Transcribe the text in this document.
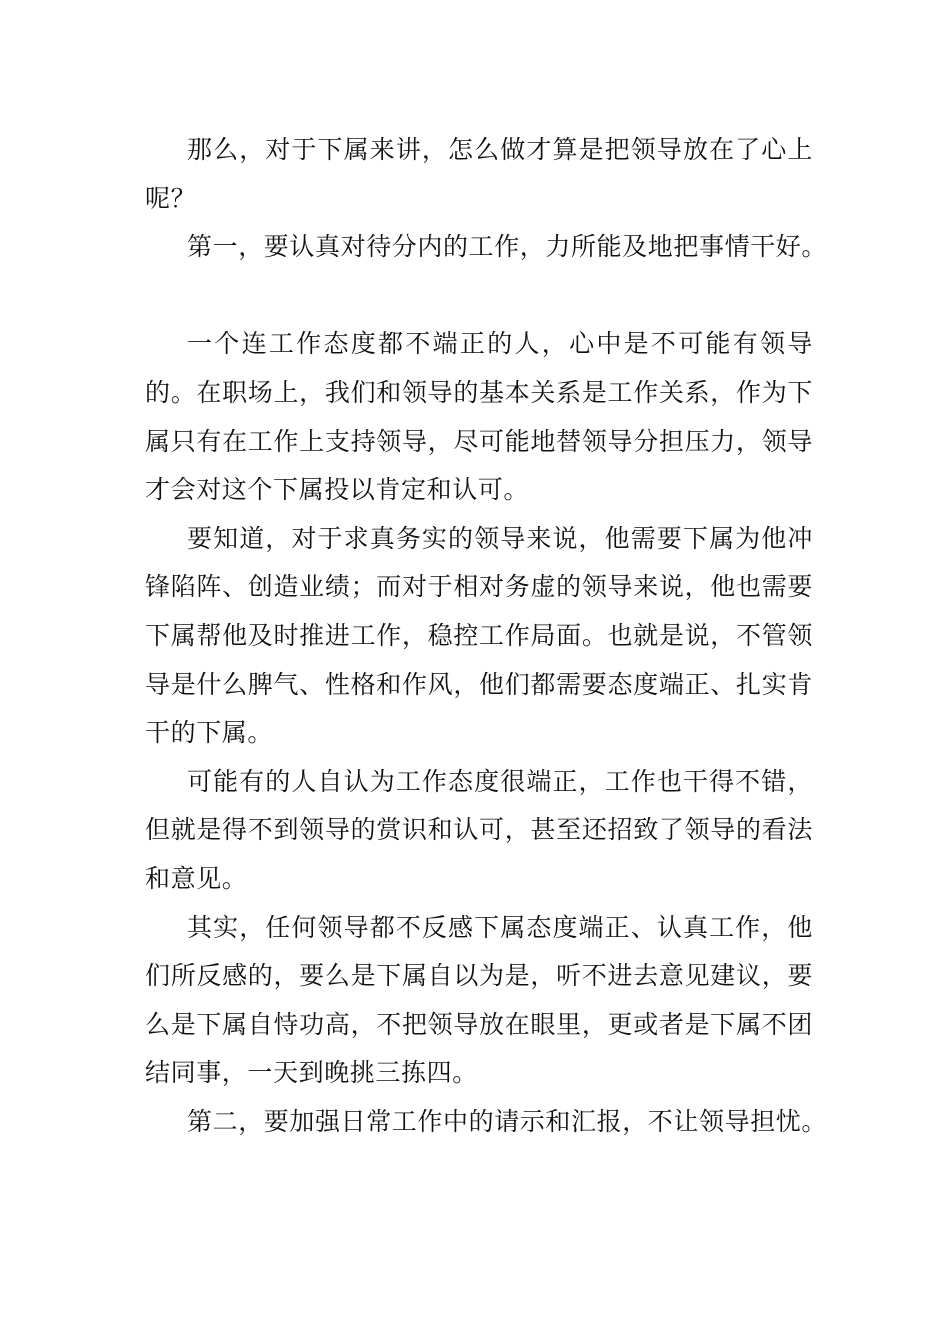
那么，对于下属来讲，怎么做才算是把领导放在了心上呢？

第一，要认真对待分内的工作，力所能及地把事情干好。

一个连工作态度都不端正的人，心中是不可能有领导的。在职场上，我们和领导的基本关系是工作关系，作为下属只有在工作上支持领导，尽可能地替领导分担压力，领导才会对这个下属投以肯定和认可。

要知道，对于求真务实的领导来说，他需要下属为他冲锋陷阵、创造业绩；而对于相对务虚的领导来说，他也需要下属帮他及时推进工作，稳控工作局面。也就是说，不管领导是什么脾气、性格和作风，他们都需要态度端正、扎实肯干的下属。

可能有的人自认为工作态度很端正，工作也干得不错，但就是得不到领导的赏识和认可，甚至还招致了领导的看法和意见。

其实，任何领导都不反感下属态度端正、认真工作，他们所反感的，要么是下属自以为是，听不进去意见建议，要么是下属自恃功高，不把领导放在眼里，更或者是下属不团结同事，一天到晚挑三拣四。

第二，要加强日常工作中的请示和汇报，不让领导担忧。
